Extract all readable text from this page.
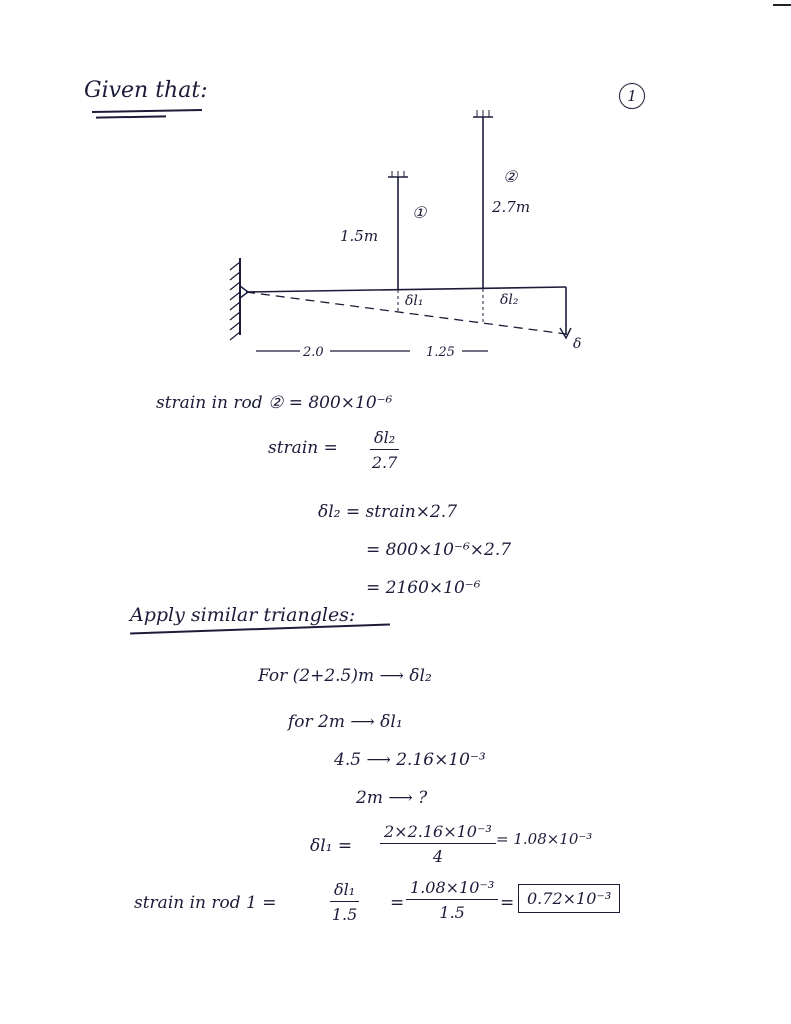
Given that:	1
①
②
1.5m
2.7m
δl₁	δl₂
δ
2.0	1.25
strain in rod ② = 800×10⁻⁶
strain = $\frac{\text{δl₂}}{2.7}$
δl₂ = strain×2.7
= 800×10⁻⁶×2.7
= 2160×10⁻⁶
Apply similar triangles:
For (2+2.5)m ⟶ δl₂
for 2m ⟶ δl₁
4.5 ⟶ 2.16×10⁻³
2m ⟶ ?
$\delta l_1 = \frac{\text{2×2.16×10⁻³}}{4} = 1.08\times 10^{-3}$
strain in rod 1 =	$\frac{\text{δl₁}}{1.5} = \frac{\text{1.08×10⁻³}}{1.5} = 0.72\times 10^{-3}$
